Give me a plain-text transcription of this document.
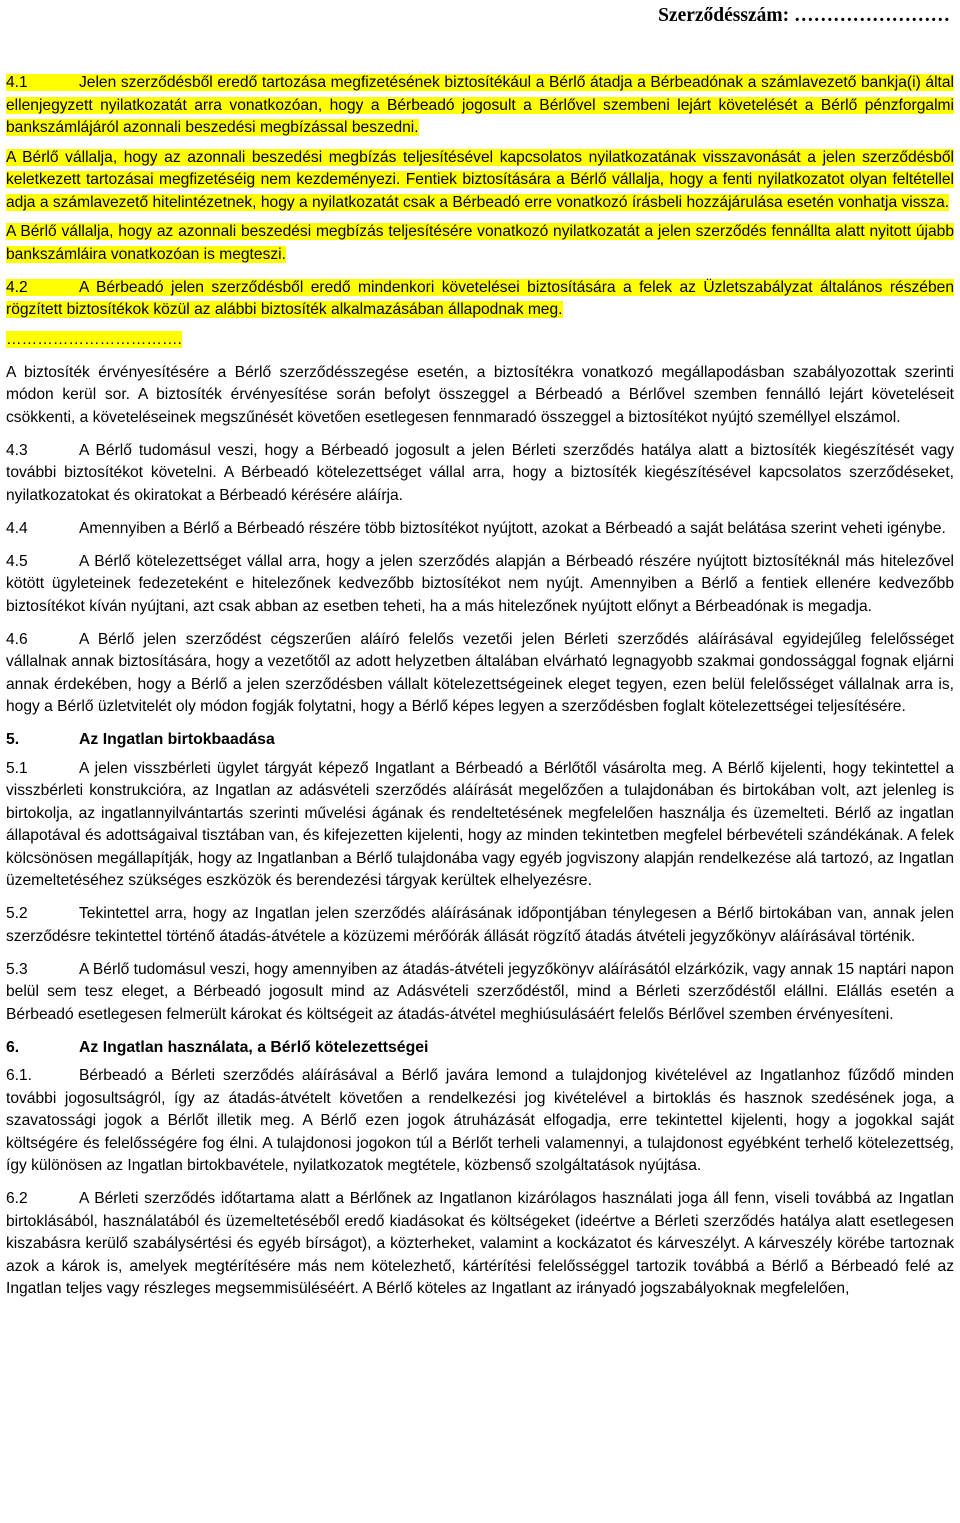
Szerződésszám: ……………………
4.1	Jelen szerződésből eredő tartozása megfizetésének biztosítékául a Bérlő átadja a Bérbeadónak a számlavezető bankja(i) által ellenjegyzett nyilatkozatát arra vonatkozóan, hogy a Bérbeadó jogosult a Bérlővel szembeni lejárt követelését a Bérlő pénzforgalmi bankszámlájáról azonnali beszedési megbízással beszedni.
A Bérlő vállalja, hogy az azonnali beszedési megbízás teljesítésével kapcsolatos nyilatkozatának visszavonását a jelen szerződésből keletkezett tartozásai megfizetéséig nem kezdeményezi. Fentiek biztosítására a Bérlő vállalja, hogy a fenti nyilatkozatot olyan feltétellel adja a számlavezető hitelintézetnek, hogy a nyilatkozatát csak a Bérbeadó erre vonatkozó írásbeli hozzájárulása esetén vonhatja vissza.
A Bérlő vállalja, hogy az azonnali beszedési megbízás teljesítésére vonatkozó nyilatkozatát a jelen szerződés fennállta alatt nyitott újabb bankszámláira vonatkozóan is megteszi.
4.2	A Bérbeadó jelen szerződésből eredő mindenkori követelései biztosítására a felek az Üzletszabályzat általános részében rögzített biztosítékok közül az alábbi biztosíték alkalmazásában állapodnak meg.
…………………………….
A biztosíték érvényesítésére a Bérlő szerződésszegése esetén, a biztosítékra vonatkozó megállapodásban szabályozottak szerinti módon kerül sor. A biztosíték érvényesítése során befolyt összeggel a Bérbeadó a Bérlővel szemben fennálló lejárt követeléseit csökkenti, a követeléseinek megszűnését követően esetlegesen fennmaradó összeggel a biztosítékot nyújtó személlyel elszámol.
4.3	A Bérlő tudomásul veszi, hogy a Bérbeadó jogosult a jelen Bérleti szerződés hatálya alatt a biztosíték kiegészítését vagy további biztosítékot követelni. A Bérbeadó kötelezettséget vállal arra, hogy a biztosíték kiegészítésével kapcsolatos szerződéseket, nyilatkozatokat és okiratokat a Bérbeadó kérésére aláírja.
4.4	Amennyiben a Bérlő a Bérbeadó részére több biztosítékot nyújtott, azokat a Bérbeadó a saját belátása szerint veheti igénybe.
4.5	A Bérlő kötelezettséget vállal arra, hogy a jelen szerződés alapján a Bérbeadó részére nyújtott biztosítéknál más hitelezővel kötött ügyleteinek fedezeteként e hitelezőnek kedvezőbb biztosítékot nem nyújt. Amennyiben a Bérlő a fentiek ellenére kedvezőbb biztosítékot kíván nyújtani, azt csak abban az esetben teheti, ha a más hitelezőnek nyújtott előnyt a Bérbeadónak is megadja.
4.6	A Bérlő jelen szerződést cégszerűen aláíró felelős vezetői jelen Bérleti szerződés aláírásával egyidejűleg felelősséget vállalnak annak biztosítására, hogy a vezetőtől az adott helyzetben általában elvárható legnagyobb szakmai gondossággal fognak eljárni annak érdekében, hogy a Bérlő a jelen szerződésben vállalt kötelezettségeinek eleget tegyen, ezen belül felelősséget vállalnak arra is, hogy a Bérlő üzletvitelét oly módon fogják folytatni, hogy a Bérlő képes legyen a szerződésben foglalt kötelezettségei teljesítésére.
5.	Az Ingatlan birtokbaadása
5.1	A jelen visszbérleti ügylet tárgyát képező Ingatlant a Bérbeadó a Bérlőtől vásárolta meg. A Bérlő kijelenti, hogy tekintettel a visszbérleti konstrukcióra, az Ingatlan az adásvételi szerződés aláírását megelőzően a tulajdonában és birtokában volt, azt jelenleg is birtokolja, az ingatlannyilvántartás szerinti művelési ágának és rendeltetésének megfelelően használja és üzemelteti. Bérlő az ingatlan állapotával és adottságaival tisztában van, és kifejezetten kijelenti, hogy az minden tekintetben megfelel bérbevételi szándékának. A felek kölcsönösen megállapítják, hogy az Ingatlanban a Bérlő tulajdonába vagy egyéb jogviszony alapján rendelkezése alá tartozó, az Ingatlan üzemeltetéséhez szükséges eszközök és berendezési tárgyak kerültek elhelyezésre.
5.2	Tekintettel arra, hogy az Ingatlan jelen szerződés aláírásának időpontjában ténylegesen a Bérlő birtokában van, annak jelen szerződésre tekintettel történő átadás-átvétele a közüzemi mérőórák állását rögzítő átadás átvételi jegyzőkönyv aláírásával történik.
5.3	A Bérlő tudomásul veszi, hogy amennyiben az átadás-átvételi jegyzőkönyv aláírásától elzárkózik, vagy annak 15 naptári napon belül sem tesz eleget, a Bérbeadó jogosult mind az Adásvételi szerződéstől, mind a Bérleti szerződéstől elállni. Elállás esetén a Bérbeadó esetlegesen felmerült károkat és költségeit az átadás-átvétel meghiúsulásáért felelős Bérlővel szemben érvényesíteni.
6.	Az Ingatlan használata, a Bérlő kötelezettségei
6.1.	Bérbeadó a Bérleti szerződés aláírásával a Bérlő javára lemond a tulajdonjog kivételével az Ingatlanhoz fűződő minden további jogosultságról, így az átadás-átvételt követően a rendelkezési jog kivételével a birtoklás és hasznok szedésének joga, a szavatossági jogok a Bérlőt illetik meg. A Bérlő ezen jogok átruházását elfogadja, erre tekintettel kijelenti, hogy a jogokkal saját költségére és felelősségére fog élni. A tulajdonosi jogokon túl a Bérlőt terheli valamennyi, a tulajdonost egyébként terhelő kötelezettség, így különösen az Ingatlan birtokbavétele, nyilatkozatok megtétele, közbenső szolgáltatások nyújtása.
6.2	A Bérleti szerződés időtartama alatt a Bérlőnek az Ingatlanon kizárólagos használati joga áll fenn, viseli továbbá az Ingatlan birtoklásából, használatából és üzemeltetéséből eredő kiadásokat és költségeket (ideértve a Bérleti szerződés hatálya alatt esetlegesen kiszabásra kerülő szabálysértési és egyéb bírságot), a közterheket, valamint a kockázatot és kárveszélyt. A kárveszély körébe tartoznak azok a károk is, amelyek megtérítésére más nem kötelezhető, kártérítési felelősséggel tartozik továbbá a Bérlő a Bérbeadó felé az Ingatlan teljes vagy részleges megsemmisüléséért. A Bérlő köteles az Ingatlant az irányadó jogszabályoknak megfelelően,
